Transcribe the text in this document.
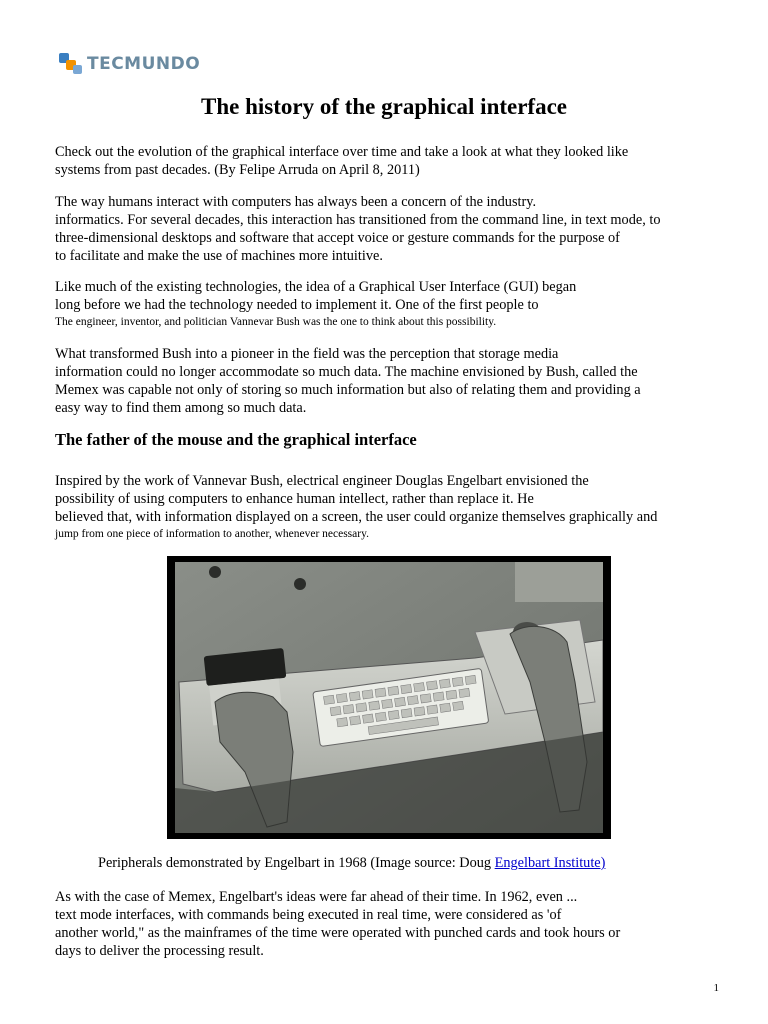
TECMUNDO
The history of the graphical interface

Check out the evolution of the graphical interface over time and take a look at what they looked like
systems from past decades. (By Felipe Arruda on April 8, 2011)

The way humans interact with computers has always been a concern of the industry.
informatics. For several decades, this interaction has transitioned from the command line, in text mode, to
three-dimensional desktops and software that accept voice or gesture commands for the purpose of
to facilitate and make the use of machines more intuitive.

Like much of the existing technologies, the idea of a Graphical User Interface (GUI) began
long before we had the technology needed to implement it. One of the first people to
The engineer, inventor, and politician Vannevar Bush was the one to think about this possibility.

What transformed Bush into a pioneer in the field was the perception that storage media
information could no longer accommodate so much data. The machine envisioned by Bush, called the
Memex was capable not only of storing so much information but also of relating them and providing a
easy way to find them among so much data.

The father of the mouse and the graphical interface

Inspired by the work of Vannevar Bush, electrical engineer Douglas Engelbart envisioned the
possibility of using computers to enhance human intellect, rather than replace it. He
believed that, with information displayed on a screen, the user could organize themselves graphically and
jump from one piece of information to another, whenever necessary.

Peripherals demonstrated by Engelbart in 1968 (Image source: Doug Engelbart Institute)

As with the case of Memex, Engelbart's ideas were far ahead of their time. In 1962, even ...
text mode interfaces, with commands being executed in real time, were considered as 'of
another world," as the mainframes of the time were operated with punched cards and took hours or
days to deliver the processing result.

1
